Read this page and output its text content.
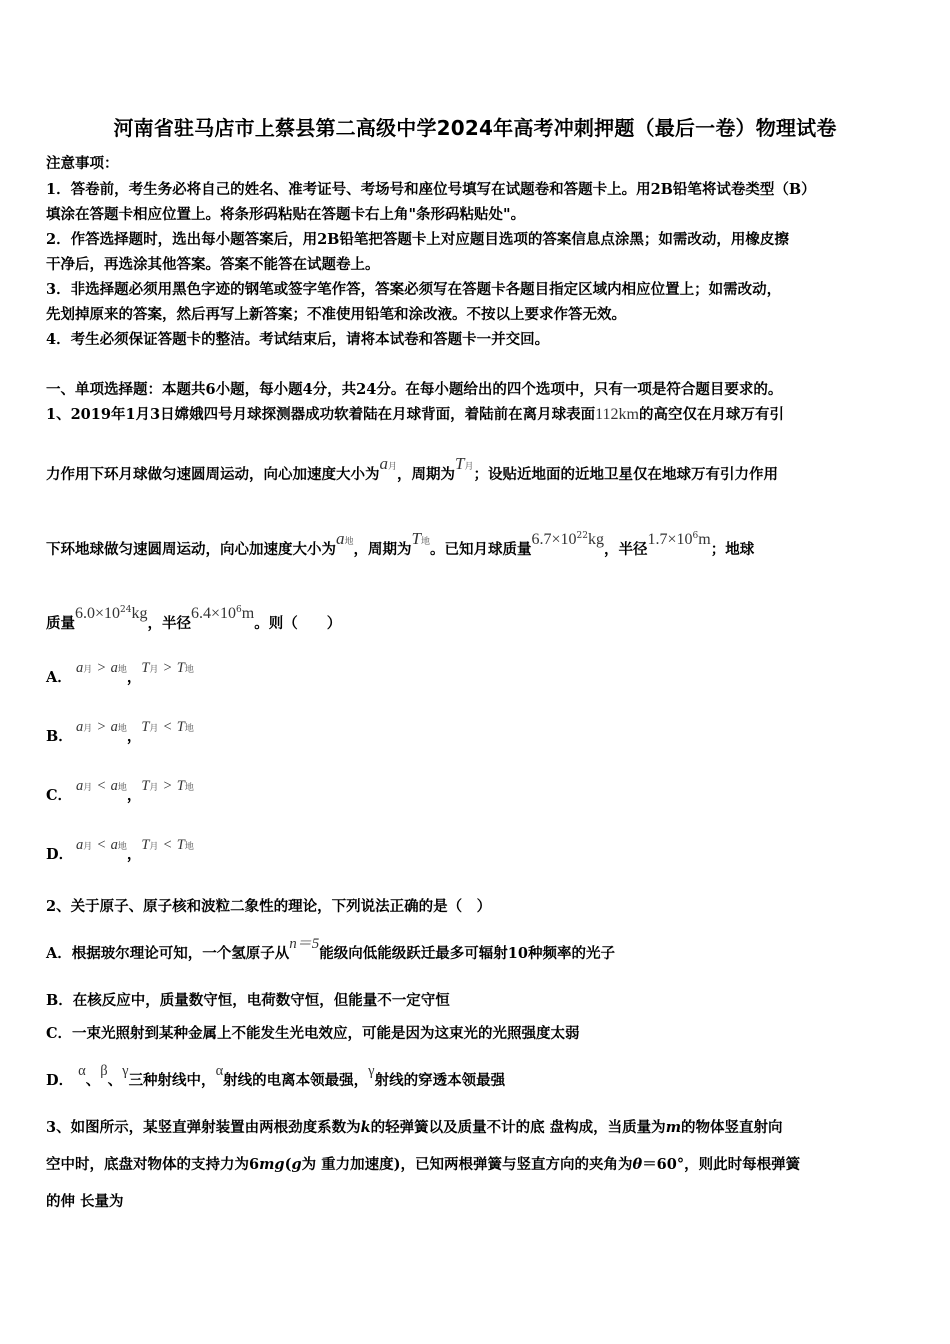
河南省驻马店市上蔡县第二高级中学2024年高考冲刺押题（最后一卷）物理试卷
注意事项：
1．答卷前，考生务必将自己的姓名、准考证号、考场号和座位号填写在试题卷和答题卡上。用2B铅笔将试卷类型（B）
填涂在答题卡相应位置上。将条形码粘贴在答题卡右上角"条形码粘贴处"。
2．作答选择题时，选出每小题答案后，用2B铅笔把答题卡上对应题目选项的答案信息点涂黑；如需改动，用橡皮擦
干净后，再选涂其他答案。答案不能答在试题卷上。
3．非选择题必须用黑色字迹的钢笔或签字笔作答，答案必须写在答题卡各题目指定区域内相应位置上；如需改动，
先划掉原来的答案，然后再写上新答案；不准使用铅笔和涂改液。不按以上要求作答无效。
4．考生必须保证答题卡的整洁。考试结束后，请将本试卷和答题卡一并交回。
一、单项选择题：本题共6小题，每小题4分，共24分。在每小题给出的四个选项中，只有一项是符合题目要求的。
1、2019年1月3日嫦娥四号月球探测器成功软着陆在月球背面，着陆前在离月球表面112km的高空仅在月球万有引
力作用下环月球做匀速圆周运动，向心加速度大小为a月，周期为T月；设贴近地面的近地卫星仅在地球万有引力作用
下环地球做匀速圆周运动，向心加速度大小为a地，周期为T地。已知月球质量$6.7\times 10^{22}kg$，半径$1.7\times 10^6m$；地球
质量$6.0\times 10^{24}kg$，半径$6.4\times 10^6m$。则（　　）
A．a月 > a地，T月 > T地
B．a月 > a地，T月 < T地
C．a月 < a地，T月 > T地
D．a月 < a地，T月 < T地
2、关于原子、原子核和波粒二象性的理论，下列说法正确的是（　）
A．根据玻尔理论可知，一个氢原子从n＝5能级向低能级跃迁最多可辐射10种频率的光子
B．在核反应中，质量数守恒，电荷数守恒，但能量不一定守恒
C．一束光照射到某种金属上不能发生光电效应，可能是因为这束光的光照强度太弱
D． α、β、γ三种射线中，α射线的电离本领最强，γ射线的穿透本领最强
3、如图所示，某竖直弹射装置由两根劲度系数为k的轻弹簧以及质量不计的底 盘构成，当质量为m的物体竖直射向
空中时，底盘对物体的支持力为6mg(g为 重力加速度)，已知两根弹簧与竖直方向的夹角为θ＝60°，则此时每根弹簧
的伸 长量为
